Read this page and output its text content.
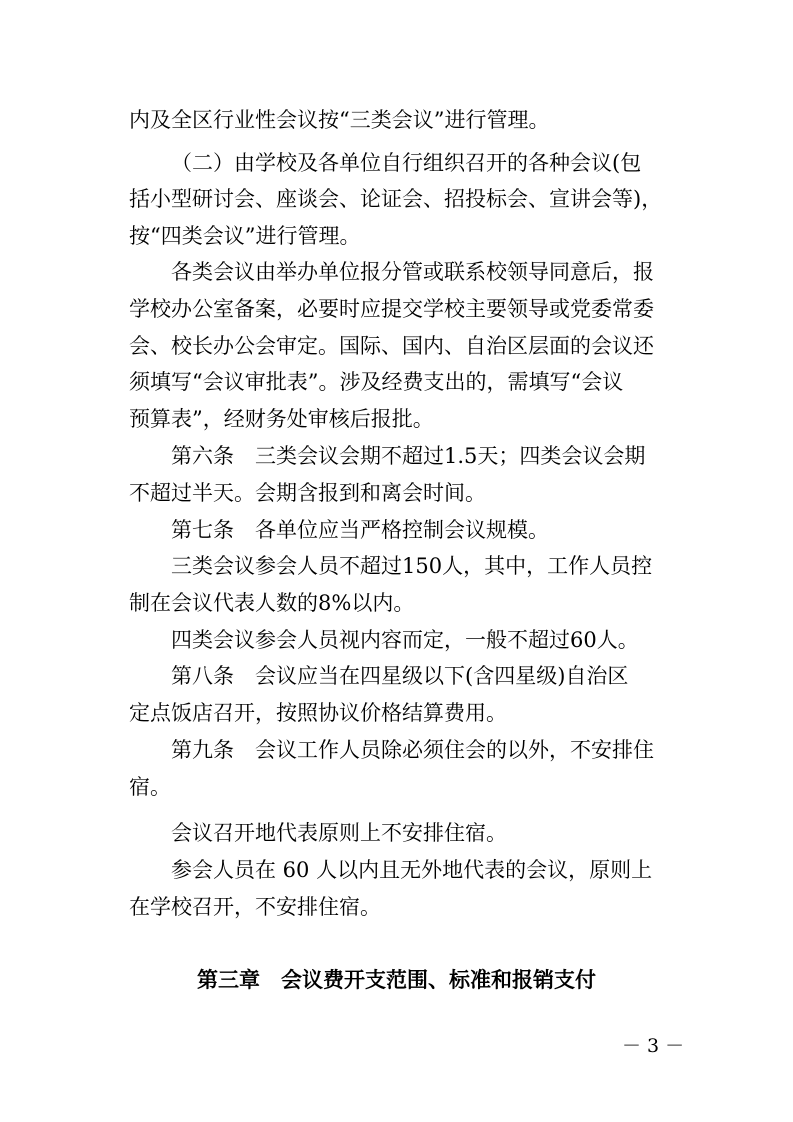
内及全区行业性会议按“三类会议”进行管理。
（二）由学校及各单位自行组织召开的各种会议(包
括小型研讨会、座谈会、论证会、招投标会、宣讲会等)，
按“四类会议”进行管理。
各类会议由举办单位报分管或联系校领导同意后，报
学校办公室备案，必要时应提交学校主要领导或党委常委
会、校长办公会审定。国际、国内、自治区层面的会议还
须填写“会议审批表”。涉及经费支出的，需填写“会议
预算表”，经财务处审核后报批。
第六条　三类会议会期不超过1.5天；四类会议会期
不超过半天。会期含报到和离会时间。
第七条　各单位应当严格控制会议规模。
三类会议参会人员不超过150人，其中，工作人员控
制在会议代表人数的8%以内。
四类会议参会人员视内容而定，一般不超过60人。
第八条　会议应当在四星级以下(含四星级)自治区
定点饭店召开，按照协议价格结算费用。
第九条　会议工作人员除必须住会的以外，不安排住
宿。
会议召开地代表原则上不安排住宿。
参会人员在 60 人以内且无外地代表的会议，原则上
在学校召开，不安排住宿。
第三章　会议费开支范围、标准和报销支付
－ 3 －
